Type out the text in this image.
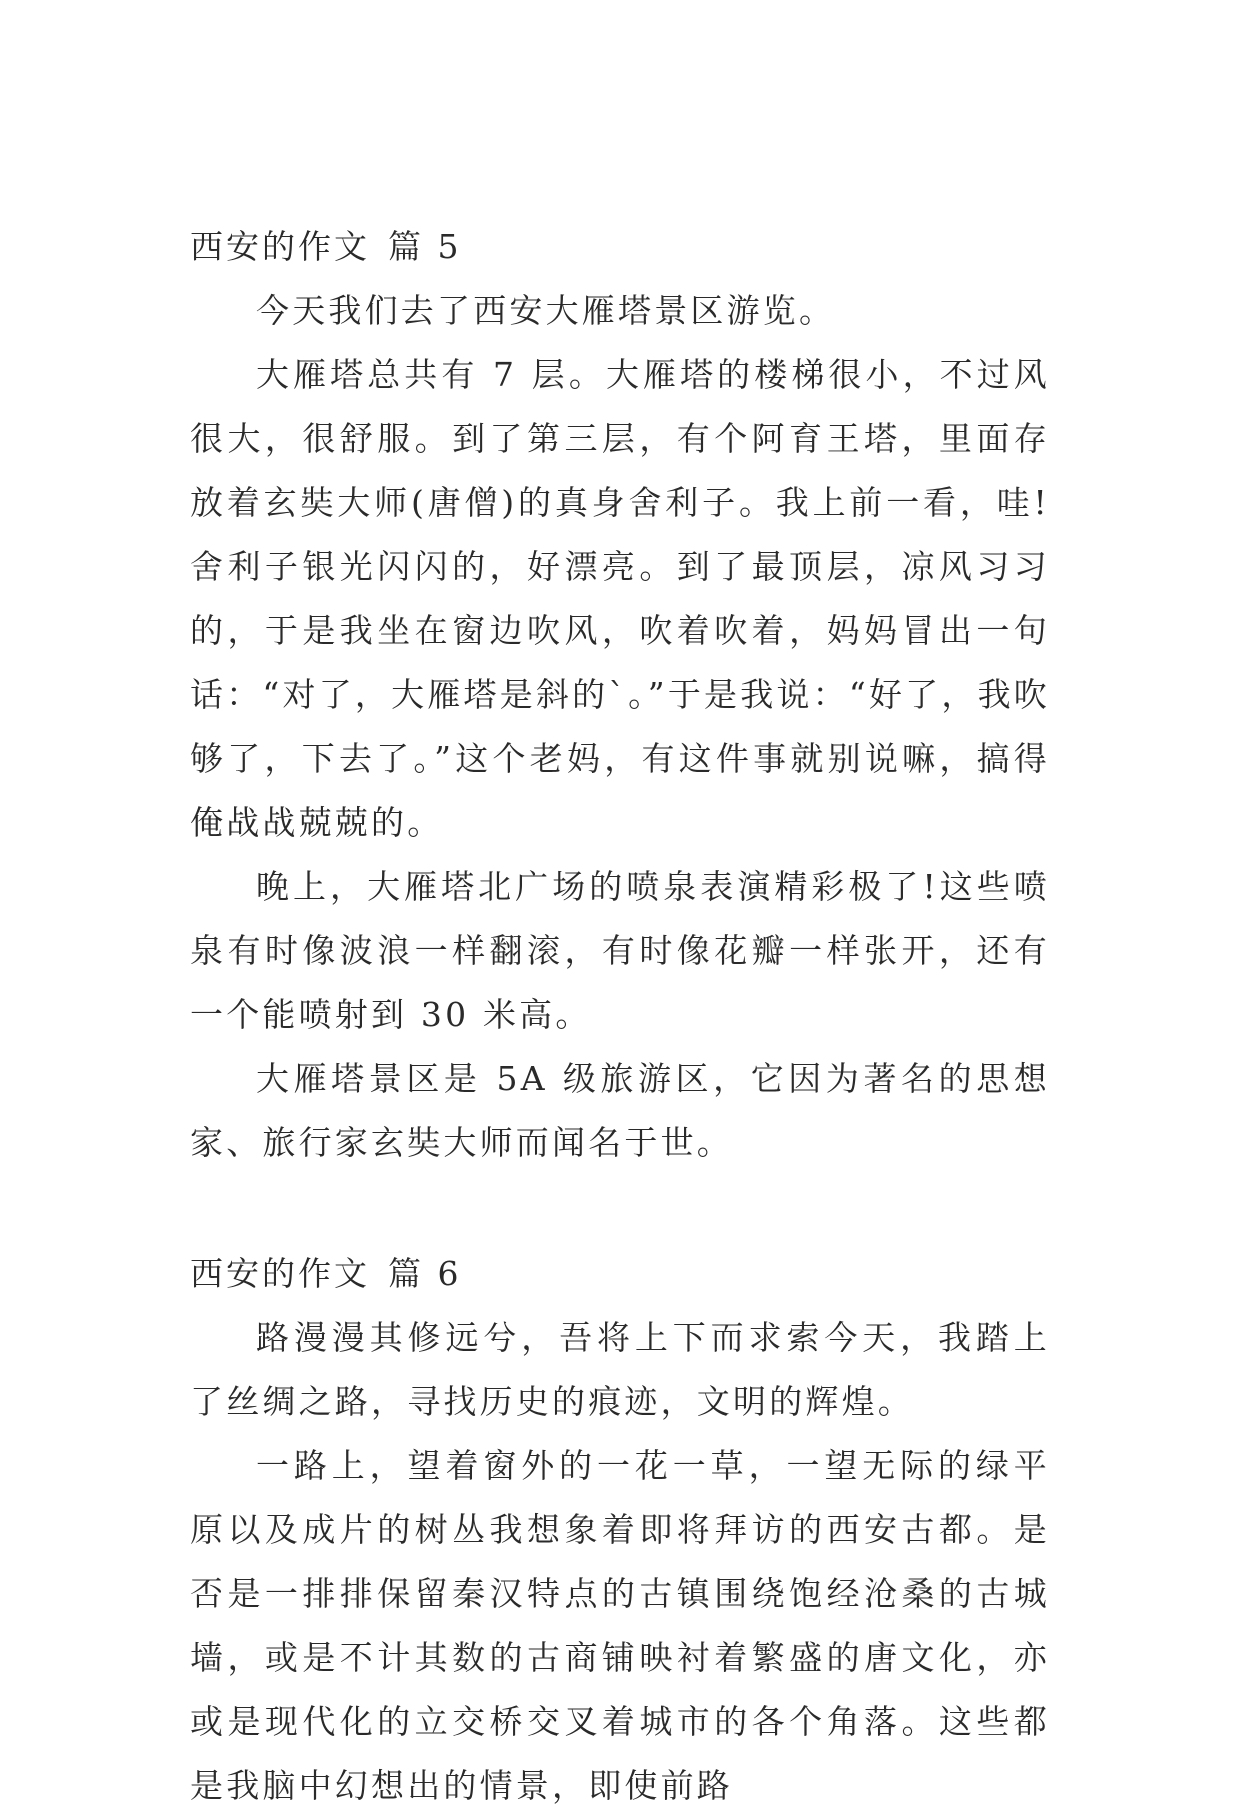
西安的作文 篇 5

今天我们去了西安大雁塔景区游览。

大雁塔总共有 7 层。大雁塔的楼梯很小，不过风很大，很舒服。到了第三层，有个阿育王塔，里面存放着玄奘大师(唐僧)的真身舍利子。我上前一看，哇!舍利子银光闪闪的，好漂亮。到了最顶层，凉风习习的，于是我坐在窗边吹风，吹着吹着，妈妈冒出一句话：“对了，大雁塔是斜的`。”于是我说：“好了，我吹够了，下去了。”这个老妈，有这件事就别说嘛，搞得俺战战兢兢的。

晚上，大雁塔北广场的喷泉表演精彩极了!这些喷泉有时像波浪一样翻滚，有时像花瓣一样张开，还有一个能喷射到 30 米高。

大雁塔景区是 5A 级旅游区，它因为著名的思想家、旅行家玄奘大师而闻名于世。

西安的作文 篇 6

路漫漫其修远兮，吾将上下而求索今天，我踏上了丝绸之路，寻找历史的痕迹，文明的辉煌。

一路上，望着窗外的一花一草，一望无际的绿平原以及成片的树丛我想象着即将拜访的西安古都。是否是一排排保留秦汉特点的古镇围绕饱经沧桑的古城墙，或是不计其数的古商铺映衬着繁盛的唐文化，亦或是现代化的立交桥交叉着城市的各个角落。这些都是我脑中幻想出的情景，即使前路
